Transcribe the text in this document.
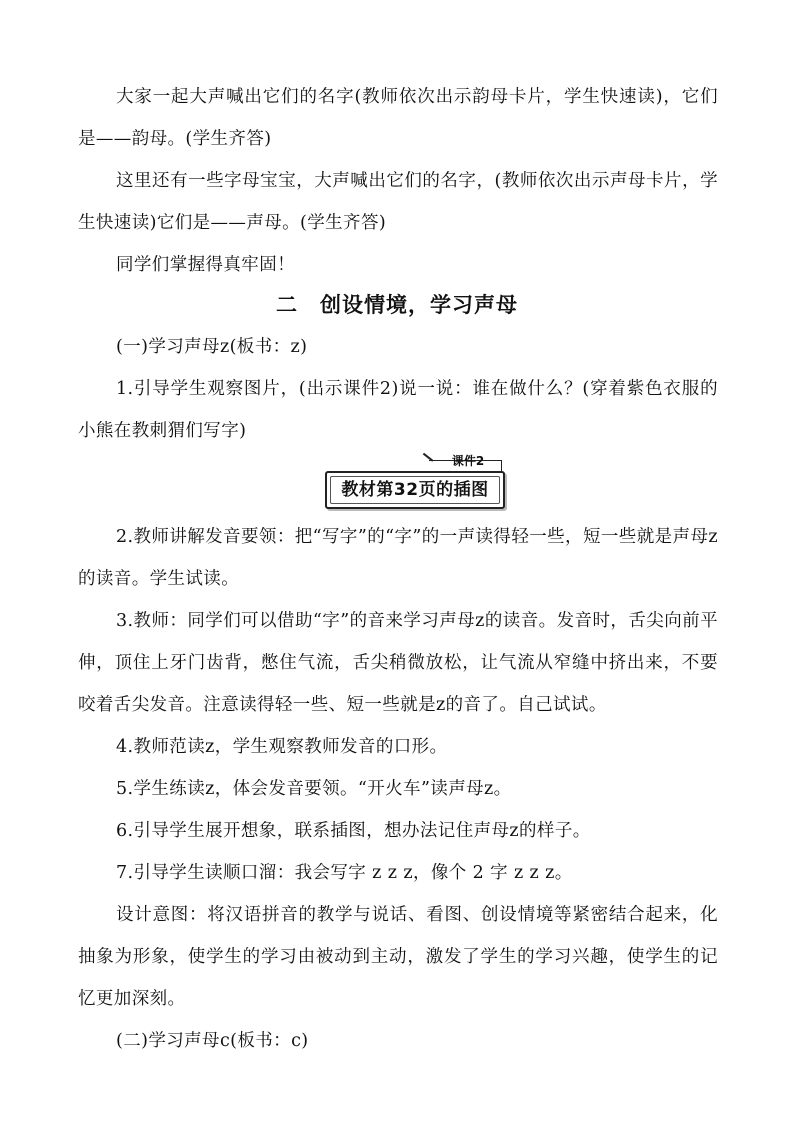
大家一起大声喊出它们的名字(教师依次出示韵母卡片，学生快速读)，它们是——韵母。(学生齐答)

这里还有一些字母宝宝，大声喊出它们的名字，(教师依次出示声母卡片，学生快速读)它们是——声母。(学生齐答)

同学们掌握得真牢固！

二 创设情境，学习声母

(一)学习声母z(板书：z)

1.引导学生观察图片，(出示课件2)说一说：谁在做什么？(穿着紫色衣服的小熊在教刺猬们写字)

课件2
教材第32页的插图

2.教师讲解发音要领：把“写字”的“字”的一声读得轻一些，短一些就是声母z的读音。学生试读。

3.教师：同学们可以借助“字”的音来学习声母z的读音。发音时，舌尖向前平伸，顶住上牙门齿背，憋住气流，舌尖稍微放松，让气流从窄缝中挤出来，不要咬着舌尖发音。注意读得轻一些、短一些就是z的音了。自己试试。

4.教师范读z，学生观察教师发音的口形。

5.学生练读z，体会发音要领。“开火车”读声母z。

6.引导学生展开想象，联系插图，想办法记住声母z的样子。

7.引导学生读顺口溜：我会写字 z z z，像个 2 字 z z z。

设计意图：将汉语拼音的教学与说话、看图、创设情境等紧密结合起来，化抽象为形象，使学生的学习由被动到主动，激发了学生的学习兴趣，使学生的记忆更加深刻。

(二)学习声母c(板书：c)
